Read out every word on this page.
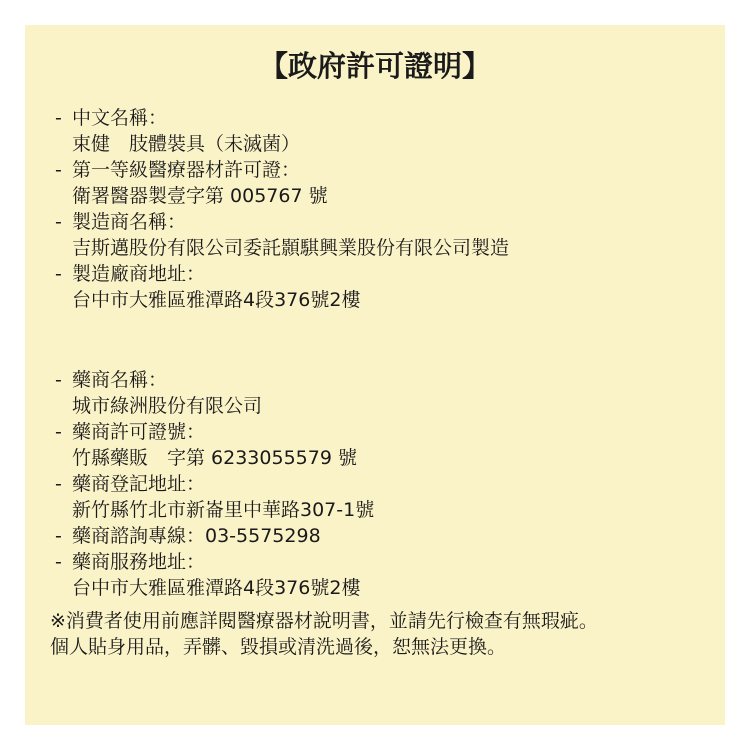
【政府許可證明】
- 中文名稱：
束健　肢體裝具（未滅菌）
- 第一等級醫療器材許可證：
衛署醫器製壹字第 005767 號
- 製造商名稱：
吉斯邁股份有限公司委託顥騏興業股份有限公司製造
- 製造廠商地址：
台中市大雅區雅潭路4段376號2樓
- 藥商名稱：
城市綠洲股份有限公司
- 藥商許可證號：
竹縣藥販　字第 6233055579 號
- 藥商登記地址：
新竹縣竹北市新崙里中華路307-1號
- 藥商諮詢專線：03-5575298
- 藥商服務地址：
台中市大雅區雅潭路4段376號2樓
※消費者使用前應詳閱醫療器材說明書，並請先行檢查有無瑕疵。
個人貼身用品，弄髒、毀損或清洗過後，恕無法更換。
